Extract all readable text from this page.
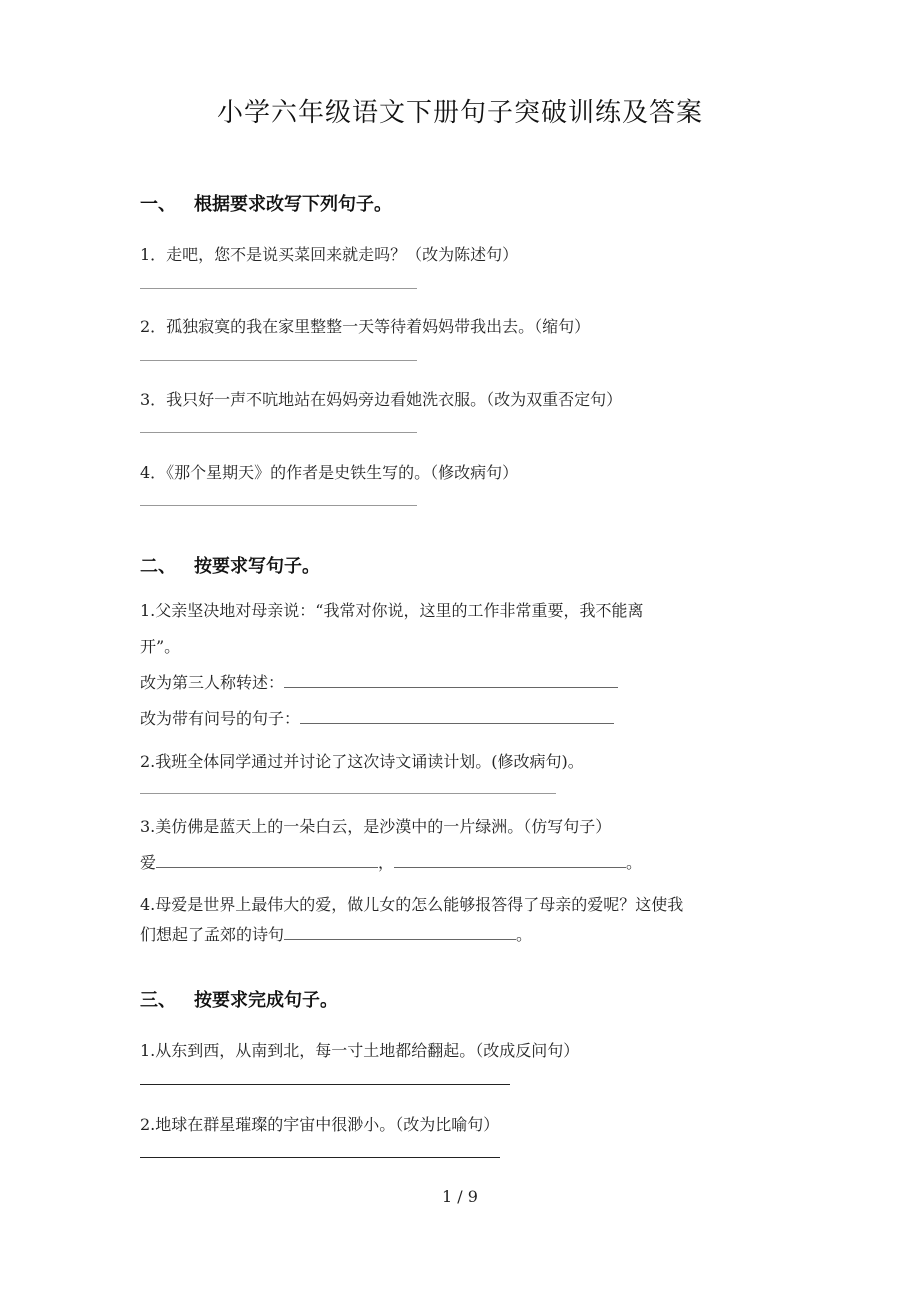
小学六年级语文下册句子突破训练及答案
一、 根据要求改写下列句子。
1．走吧，您不是说买菜回来就走吗？（改为陈述句）
2．孤独寂寞的我在家里整整一天等待着妈妈带我出去。（缩句）
3．我只好一声不吭地站在妈妈旁边看她洗衣服。（改为双重否定句）
4．《那个星期天》的作者是史铁生写的。（修改病句）
二、 按要求写句子。
1.父亲坚决地对母亲说：“我常对你说，这里的工作非常重要，我不能离
开”。
改为第三人称转述：
改为带有问号的句子：
2.我班全体同学通过并讨论了这次诗文诵读计划。(修改病句)。
3.美仿佛是蓝天上的一朵白云，是沙漠中的一片绿洲。（仿写句子）
爱	，	。
4.母爱是世界上最伟大的爱，做儿女的怎么能够报答得了母亲的爱呢？这使我
们想起了孟郊的诗句	。
三、 按要求完成句子。
1.从东到西，从南到北，每一寸土地都给翻起。（改成反问句）
2.地球在群星璀璨的宇宙中很渺小。（改为比喻句）
1 / 9
